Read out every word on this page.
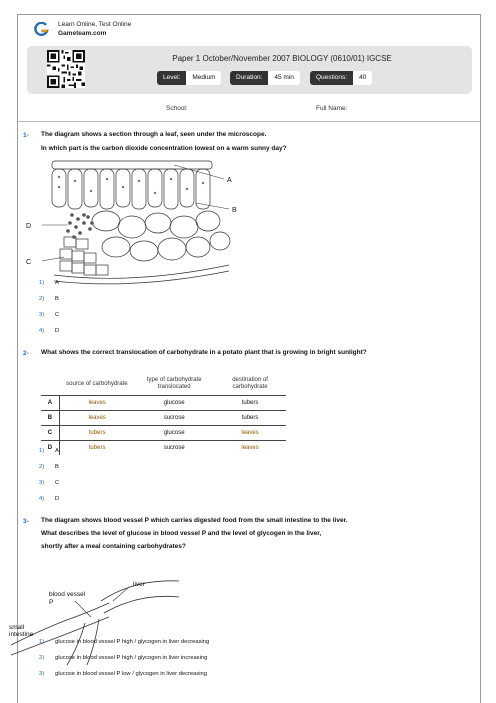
Learn Online, Test Online
Gameteam.com
Paper 1 October/November 2007 BIOLOGY (0610/01) IGCSE
Level:	Medium	Duration:	45 min	Questions:	40
School:	Full Name:
1- The diagram shows a section through a leaf, seen under the microscope.
In which part is the carbon dioxide concentration lowest on a warm sunny day?
A
B
D
C
1) A
2) B
3) C
4) D
2- What shows the correct translocation of carbohydrate in a potato plant that is growing in bright sunlight?
	source of carbohydrate	type of carbohydrate translocated	destination of carbohydrate
A	leaves	glucose	tubers
B	leaves	sucrose	tubers
C	tubers	glucose	leaves
D	tubers	sucrose	leaves
1) A
2) B
3) C
4) D
3- The diagram shows blood vessel P which carries digested food from the small intestine to the liver.
What describes the level of glucose in blood vessel P and the level of glycogen in the liver,
shortly after a meal containing carbohydrates?
liver
blood vessel
P
small
intestine
1) glucose in blood vessel P high / glycogen in liver decreasing
2) glucose in blood vessel P high / glycogen in liver increasing
3) glucose in blood vessel P low / glycogen in liver decreasing
